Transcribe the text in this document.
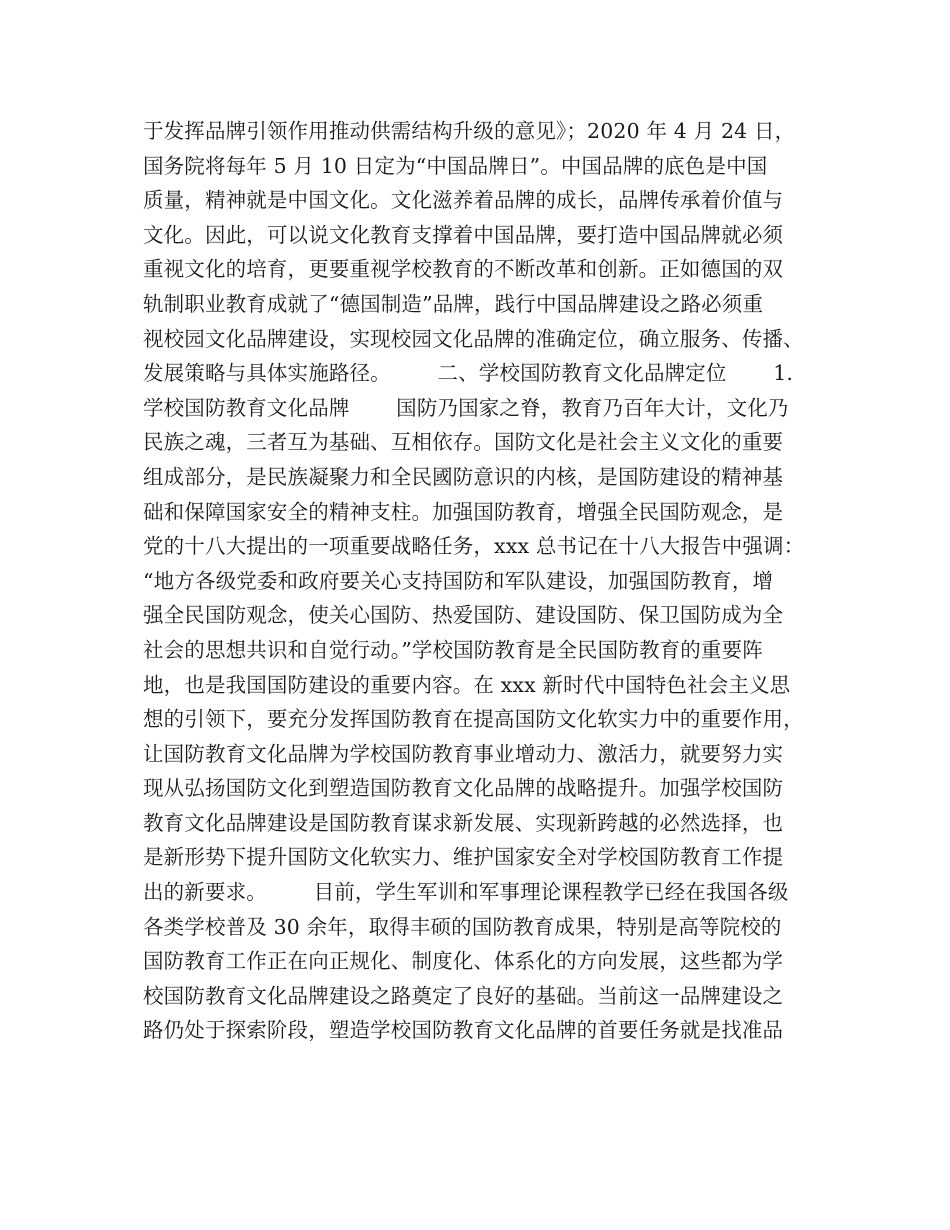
于发挥品牌引领作用推动供需结构升级的意见》；2020 年 4 月 24 日，
国务院将每年 5 月 10 日定为“中国品牌日”。中国品牌的底色是中国
质量，精神就是中国文化。文化滋养着品牌的成长，品牌传承着价值与
文化。因此，可以说文化教育支撑着中国品牌，要打造中国品牌就必须
重视文化的培育，更要重视学校教育的不断改革和创新。正如德国的双
轨制职业教育成就了“德国制造”品牌，践行中国品牌建设之路必须重
视校园文化品牌建设，实现校园文化品牌的准确定位，确立服务、传播、
发展策略与具体实施路径。       二、学校国防教育文化品牌定位       1.
学校国防教育文化品牌       国防乃国家之脊，教育乃百年大计，文化乃
民族之魂，三者互为基础、互相依存。国防文化是社会主义文化的重要
组成部分，是民族凝聚力和全民國防意识的内核，是国防建设的精神基
础和保障国家安全的精神支柱。加强国防教育，增强全民国防观念，是
党的十八大提出的一项重要战略任务，xxx 总书记在十八大报告中强调：
“地方各级党委和政府要关心支持国防和军队建设，加强国防教育，增
强全民国防观念，使关心国防、热爱国防、建设国防、保卫国防成为全
社会的思想共识和自觉行动。”学校国防教育是全民国防教育的重要阵
地，也是我国国防建设的重要内容。在 xxx 新时代中国特色社会主义思
想的引领下，要充分发挥国防教育在提高国防文化软实力中的重要作用，
让国防教育文化品牌为学校国防教育事业增动力、激活力，就要努力实
现从弘扬国防文化到塑造国防教育文化品牌的战略提升。加强学校国防
教育文化品牌建设是国防教育谋求新发展、实现新跨越的必然选择，也
是新形势下提升国防文化软实力、维护国家安全对学校国防教育工作提
出的新要求。       目前，学生军训和军事理论课程教学已经在我国各级
各类学校普及 30 余年，取得丰硕的国防教育成果，特别是高等院校的
国防教育工作正在向正规化、制度化、体系化的方向发展，这些都为学
校国防教育文化品牌建设之路奠定了良好的基础。当前这一品牌建设之
路仍处于探索阶段，塑造学校国防教育文化品牌的首要任务就是找准品
